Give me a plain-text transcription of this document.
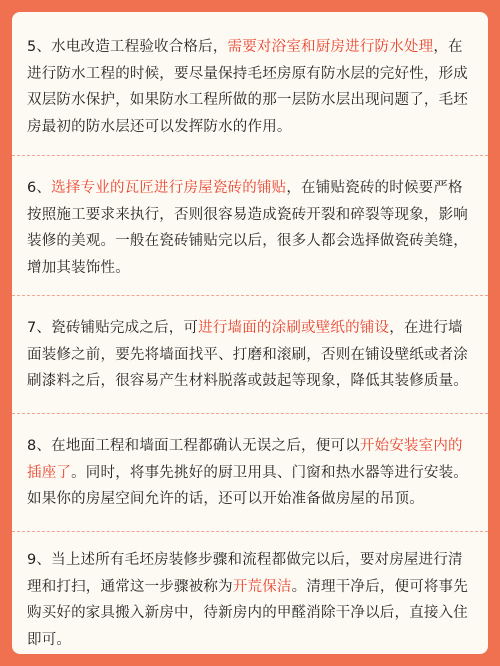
5、水电改造工程验收合格后，需要对浴室和厨房进行防水处理，在进行防水工程的时候，要尽量保持毛坯房原有防水层的完好性，形成双层防水保护，如果防水工程所做的那一层防水层出现问题了，毛坯房最初的防水层还可以发挥防水的作用。
6、选择专业的瓦匠进行房屋瓷砖的铺贴，在铺贴瓷砖的时候要严格按照施工要求来执行，否则很容易造成瓷砖开裂和碎裂等现象，影响装修的美观。一般在瓷砖铺贴完以后，很多人都会选择做瓷砖美缝，增加其装饰性。
7、瓷砖铺贴完成之后，可进行墙面的涂刷或壁纸的铺设，在进行墙面装修之前，要先将墙面找平、打磨和滚刷，否则在铺设壁纸或者涂刷漆料之后，很容易产生材料脱落或鼓起等现象，降低其装修质量。
8、在地面工程和墙面工程都确认无误之后，便可以开始安装室内的插座了。同时，将事先挑好的厨卫用具、门窗和热水器等进行安装。如果你的房屋空间允许的话，还可以开始准备做房屋的吊顶。
9、当上述所有毛坯房装修步骤和流程都做完以后，要对房屋进行清理和打扫，通常这一步骤被称为开荒保洁。清理干净后，便可将事先购买好的家具搬入新房中，待新房内的甲醛消除干净以后，直接入住即可。
